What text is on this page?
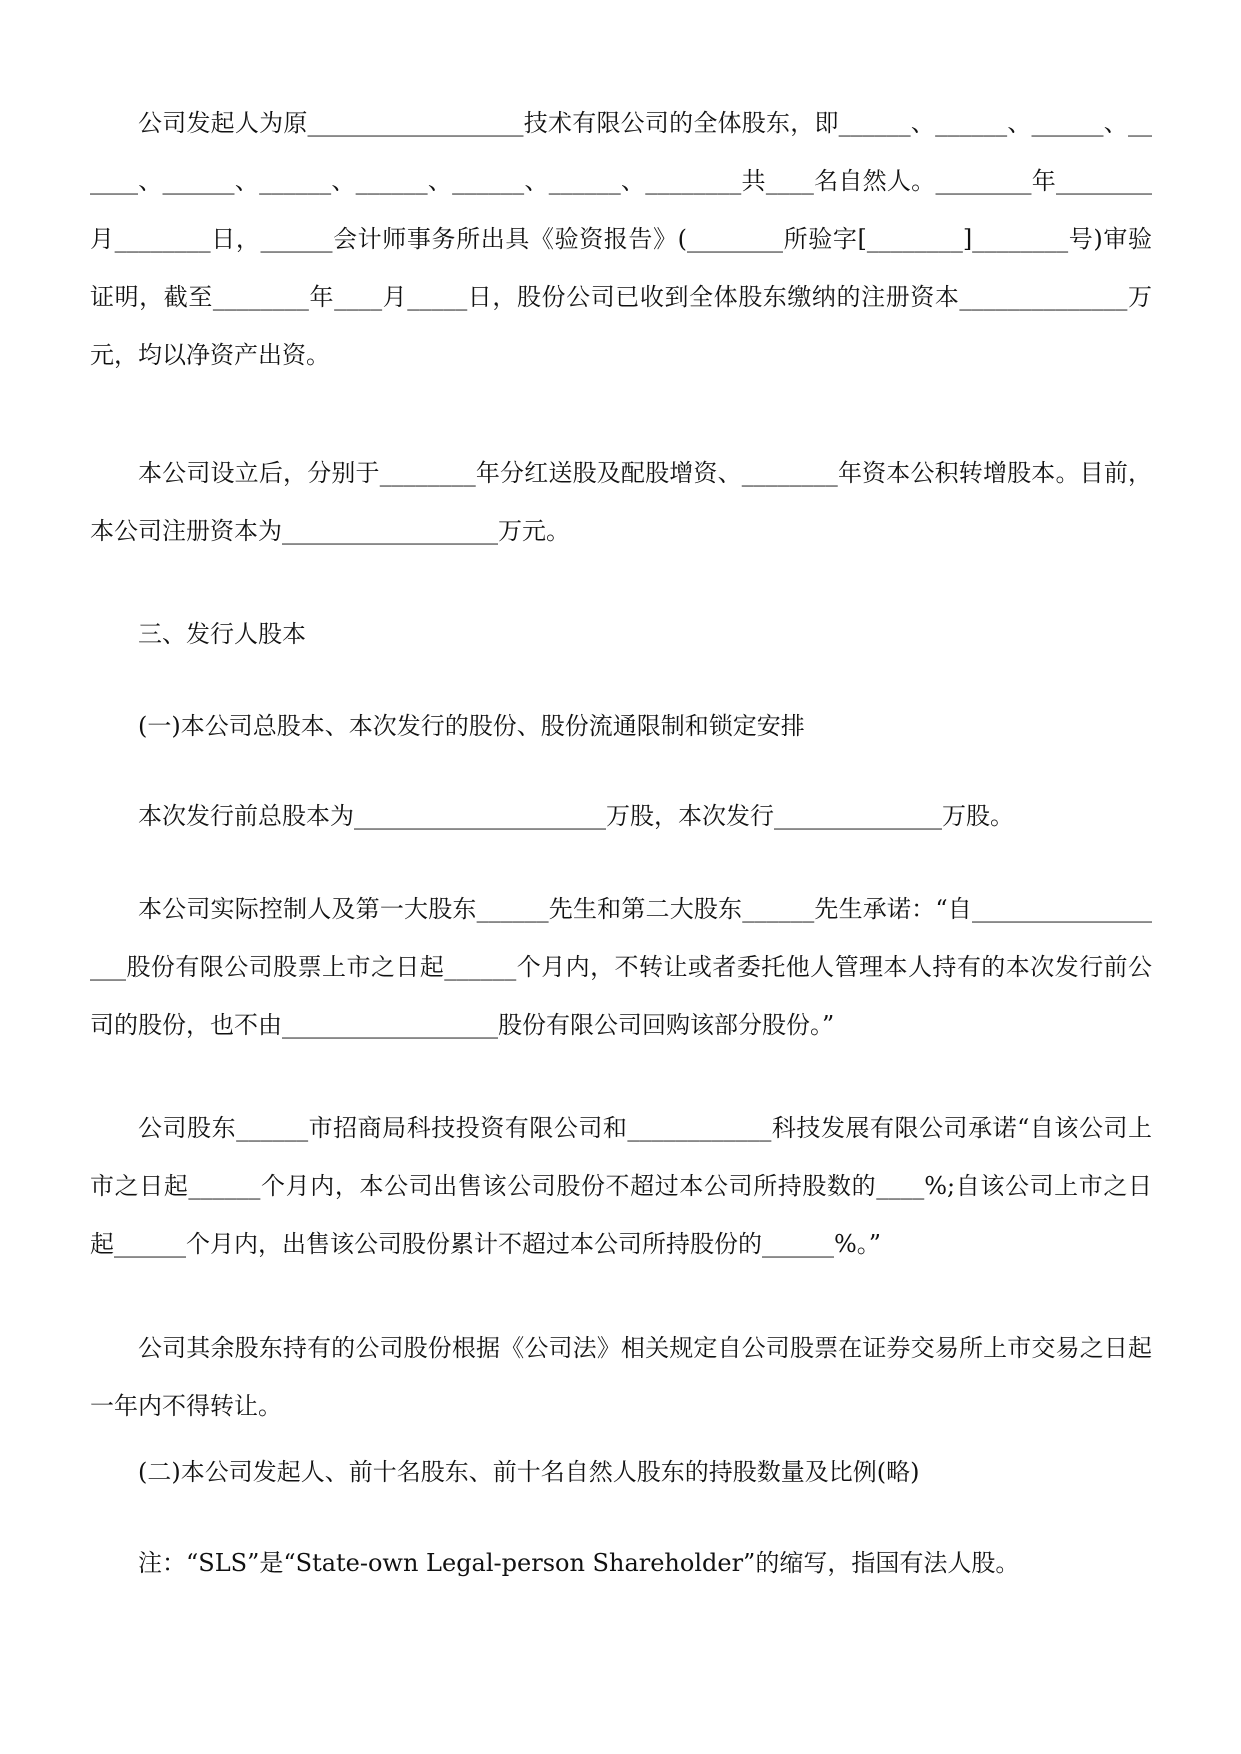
公司发起人为原__________________技术有限公司的全体股东，即______、______、______、______、______、______、______、______、______、________共____名自然人。________年________月________日，______会计师事务所出具《验资报告》(________所验字[________]________号)审验证明，截至________年____月_____日，股份公司已收到全体股东缴纳的注册资本______________万元，均以净资产出资。

本公司设立后，分别于________年分红送股及配股增资、________年资本公积转增股本。目前，本公司注册资本为__________________万元。

三、发行人股本

(一)本公司总股本、本次发行的股份、股份流通限制和锁定安排

本次发行前总股本为_____________________万股，本次发行______________万股。

本公司实际控制人及第一大股东______先生和第二大股东______先生承诺：“自__________________股份有限公司股票上市之日起______个月内，不转让或者委托他人管理本人持有的本次发行前公司的股份，也不由__________________股份有限公司回购该部分股份。”

公司股东______市招商局科技投资有限公司和____________科技发展有限公司承诺“自该公司上市之日起______个月内，本公司出售该公司股份不超过本公司所持股数的____%;自该公司上市之日起______个月内，出售该公司股份累计不超过本公司所持股份的______%。”

公司其余股东持有的公司股份根据《公司法》相关规定自公司股票在证券交易所上市交易之日起一年内不得转让。

(二)本公司发起人、前十名股东、前十名自然人股东的持股数量及比例(略)

注：“SLS”是“State-own Legal-person Shareholder”的缩写，指国有法人股。
